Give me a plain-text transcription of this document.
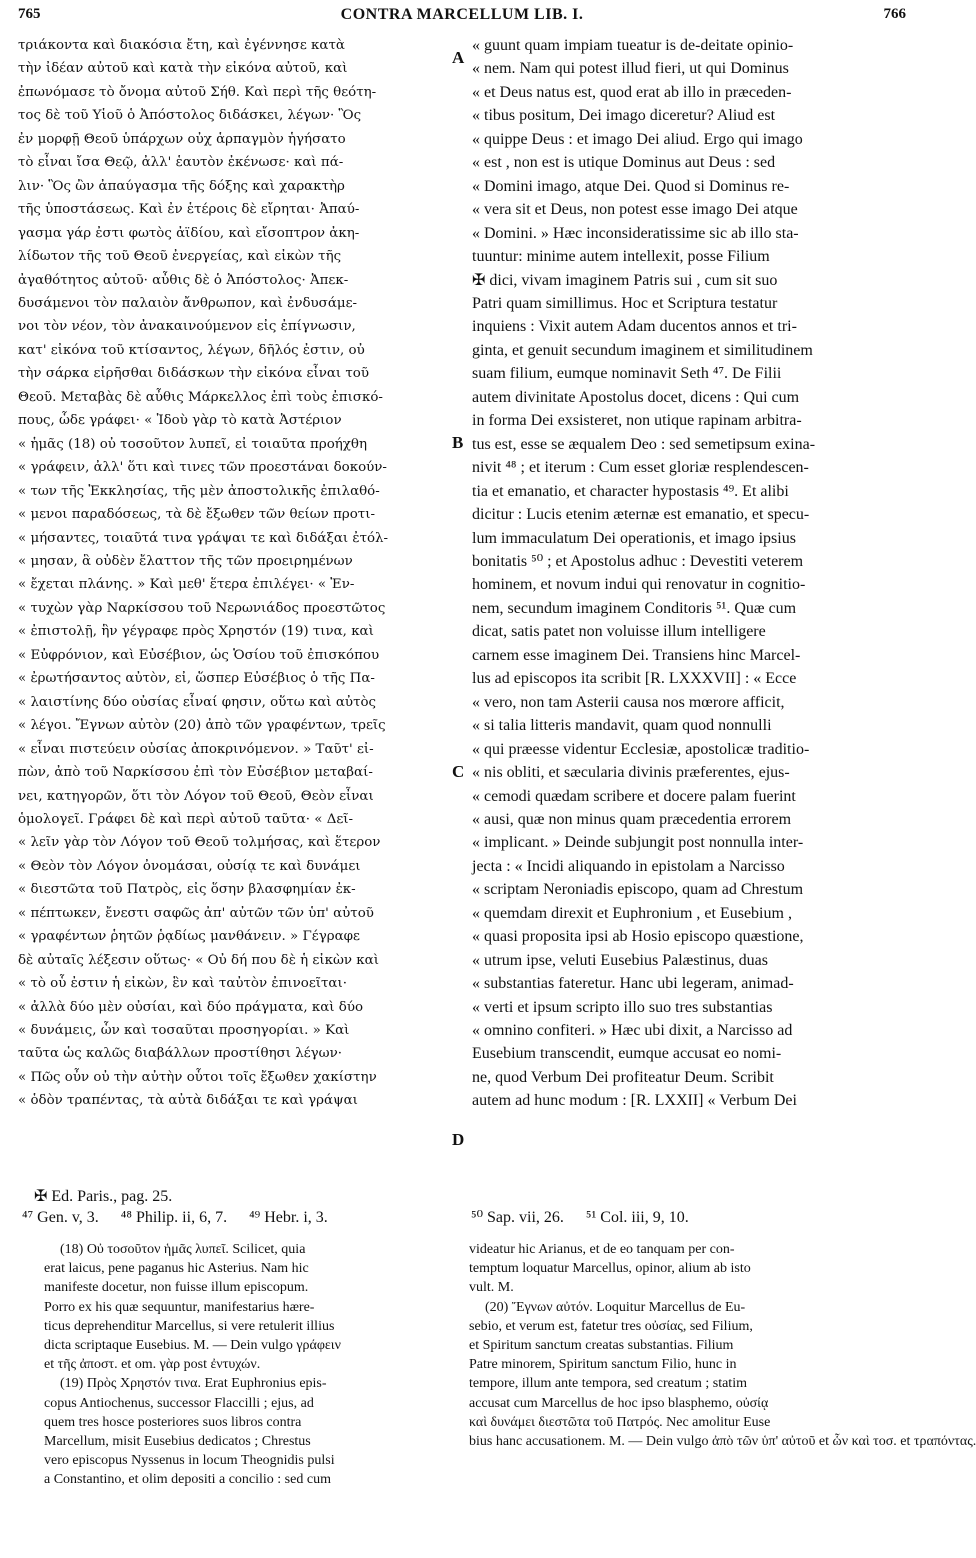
765	CONTRA MARCELLUM LIB. I.	766

τριάκοντα καὶ διακόσια ἔτη, καὶ ἐγέννησε κατὰ

τὴν ἰδέαν αὐτοῦ καὶ κατὰ τὴν εἰκόνα αὐτοῦ, καὶ

ἐπωνόμασε τὸ ὄνομα αὐτοῦ Σήθ. Καὶ περὶ τῆς θεότη-

τος δὲ τοῦ Υἱοῦ ὁ Ἀπόστολος διδάσκει, λέγων· Ὃς

ἐν μορφῇ Θεοῦ ὑπάρχων οὐχ ἁρπαγμὸν ἡγήσατο

τὸ εἶναι ἴσα Θεῷ, ἀλλ' ἑαυτὸν ἐκένωσε· καὶ πά-

λιν· Ὃς ὢν ἀπαύγασμα τῆς δόξης καὶ χαρακτὴρ

τῆς ὑποστάσεως. Καὶ ἐν ἑτέροις δὲ εἴρηται· Ἀπαύ-

γασμα γάρ ἐστι φωτὸς ἀϊδίου, καὶ εἴσοπτρον ἀκη-

λίδωτον τῆς τοῦ Θεοῦ ἐνεργείας, καὶ εἰκὼν τῆς

ἀγαθότητος αὐτοῦ· αὖθις δὲ ὁ Ἀπόστολος· Ἀπεκ-

δυσάμενοι τὸν παλαιὸν ἄνθρωπον, καὶ ἐνδυσάμε-

νοι τὸν νέον, τὸν ἀνακαινούμενον εἰς ἐπίγνωσιν,

κατ' εἰκόνα τοῦ κτίσαντος, λέγων, δῆλός ἐστιν, οὐ

τὴν σάρκα εἰρῆσθαι διδάσκων τὴν εἰκόνα εἶναι τοῦ

Θεοῦ. Μεταβὰς δὲ αὖθις Μάρκελλος ἐπὶ τοὺς ἐπισκό-

πους, ὧδε γράφει· « Ἰδοὺ γὰρ τὸ κατὰ Ἀστέριον

« ἡμᾶς (18) οὐ τοσοῦτον λυπεῖ, εἰ τοιαῦτα προήχθη

« γράφειν, ἀλλ' ὅτι καὶ τινες τῶν προεστάναι δοκούν-

« των τῆς Ἐκκλησίας, τῆς μὲν ἀποστολικῆς ἐπιλαθό-

« μενοι παραδόσεως, τὰ δὲ ἔξωθεν τῶν θείων προτι-

« μήσαντες, τοιαῦτά τινα γράψαι τε καὶ διδάξαι ἐτόλ-

« μησαν, ἃ οὐδὲν ἔλαττον τῆς τῶν προειρημένων

« ἔχεται πλάνης. » Καὶ μεθ' ἕτερα ἐπιλέγει· « Ἐν-

« τυχὼν γὰρ Ναρκίσσου τοῦ Νερωνιάδος προεστῶτος

« ἐπιστολῇ, ἣν γέγραφε πρὸς Χρηστόν (19) τινα, καὶ

« Εὐφρόνιον, καὶ Εὐσέβιον, ὡς Ὁσίου τοῦ ἐπισκόπου

« ἐρωτήσαντος αὐτὸν, εἰ, ὥσπερ Εὐσέβιος ὁ τῆς Πα-

« λαιστίνης δύο οὐσίας εἶναί φησιν, οὕτω καὶ αὐτὸς

« λέγοι. Ἔγνων αὐτὸν (20) ἀπὸ τῶν γραφέντων, τρεῖς

« εἶναι πιστεύειν οὐσίας ἀποκρινόμενον. » Ταῦτ' εἰ-

πὼν, ἀπὸ τοῦ Ναρκίσσου ἐπὶ τὸν Εὐσέβιον μεταβαί-

νει, κατηγορῶν, ὅτι τὸν Λόγον τοῦ Θεοῦ, Θεὸν εἶναι

ὁμολογεῖ. Γράφει δὲ καὶ περὶ αὐτοῦ ταῦτα· « Δεῖ-

« λεῖν γὰρ τὸν Λόγον τοῦ Θεοῦ τολμήσας, καὶ ἕτερον

« Θεὸν τὸν Λόγον ὀνομάσαι, οὐσίᾳ τε καὶ δυνάμει

« διεστῶτα τοῦ Πατρὸς, εἰς ὅσην βλασφημίαν ἐκ-

« πέπτωκεν, ἔνεστι σαφῶς ἀπ' αὐτῶν τῶν ὑπ' αὐτοῦ

« γραφέντων ῥητῶν ῥᾳδίως μανθάνειν. » Γέγραφε

δὲ αὐταῖς λέξεσιν οὕτως· « Οὐ δή που δὲ ἡ εἰκὼν καὶ

« τὸ οὗ ἐστιν ἡ εἰκὼν, ἓν καὶ ταὐτὸν ἐπινοεῖται·

« ἀλλὰ δύο μὲν οὐσίαι, καὶ δύο πράγματα, καὶ δύο

« δυνάμεις, ὧν καὶ τοσαῦται προσηγορίαι. » Καὶ

ταῦτα ὡς καλῶς διαβάλλων προστίθησι λέγων·

« Πῶς οὖν οὐ τὴν αὐτὴν οὗτοι τοῖς ἔξωθεν χακίστην

« ὁδὸν τραπέντας, τὰ αὐτὰ διδάξαι τε καὶ γράψαι

A
B
C
D

« guunt quam impiam tueatur is de-deitate opinio-

« nem. Nam qui potest illud fieri, ut qui Dominus

« et Deus natus est, quod erat ab illo in præceden-

« tibus positum, Dei imago diceretur? Aliud est

« quippe Deus : et imago Dei aliud. Ergo qui imago

« est , non est is utique Dominus aut Deus : sed

« Domini imago, atque Dei. Quod si Dominus re-

« vera sit et Deus, non potest esse imago Dei atque

« Domini. » Hæc inconsideratissime sic ab illo sta-

tuuntur: minime autem intellexit, posse Filium

✠ dici, vivam imaginem Patris sui , cum sit suo

Patri quam simillimus. Hoc et Scriptura testatur

inquiens : Vixit autem Adam ducentos annos et tri-

ginta, et genuit secundum imaginem et similitudinem

suam filium, eumque nominavit Seth ⁴⁷. De Filii

autem divinitate Apostolus docet, dicens : Qui cum

in forma Dei exsisteret, non utique rapinam arbitra-

tus est, esse se æqualem Deo : sed semetipsum exina-

nivit ⁴⁸ ; et iterum : Cum esset gloriæ resplendescen-

tia et emanatio, et character hypostasis ⁴⁹. Et alibi

dicitur : Lucis etenim æternæ est emanatio, et specu-

lum immaculatum Dei operationis, et imago ipsius

bonitatis ⁵⁰ ; et Apostolus adhuc : Devestiti veterem

hominem, et novum indui qui renovatur in cognitio-

nem, secundum imaginem Conditoris ⁵¹. Quæ cum

dicat, satis patet non voluisse illum intelligere

carnem esse imaginem Dei. Transiens hinc Marcel-

lus ad episcopos ita scribit [R. LXXXVII] : « Ecce

« vero, non tam Asterii causa nos mœrore afficit,

« si talia litteris mandavit, quam quod nonnulli

« qui præesse videntur Ecclesiæ, apostolicæ traditio-

« nis obliti, et sæcularia divinis præferentes, ejus-

« cemodi quædam scribere et docere palam fuerint

« ausi, quæ non minus quam præcedentia errorem

« implicant. » Deinde subjungit post nonnulla inter-

jecta : « Incidi aliquando in epistolam a Narcisso

« scriptam Neroniadis episcopo, quam ad Chrestum

« quemdam direxit et Euphronium , et Eusebium ,

« quasi proposita ipsi ab Hosio episcopo quæstione,

« utrum ipse, veluti Eusebius Palæstinus, duas

« substantias fateretur. Hanc ubi legeram, animad-

« verti et ipsum scripto illo suo tres substantias

« omnino confiteri. » Hæc ubi dixit, a Narcisso ad

Eusebium transcendit, eumque accusat eo nomi-

ne, quod Verbum Dei profiteatur Deum. Scribit

autem ad hunc modum : [R. LXXII] « Verbum Dei

✠ Ed. Paris., pag. 25.

⁴⁷ Gen. v, 3. ⁴⁸ Philip. ii, 6, 7. ⁴⁹ Hebr. i, 3.	⁵⁰ Sap. vii, 26. ⁵¹ Col. iii, 9, 10.

(18) Οὐ τοσοῦτον ἡμᾶς λυπεῖ. Scilicet, quia

erat laicus, pene paganus hic Asterius. Nam hic

manifeste docetur, non fuisse illum episcopum.

Porro ex his quæ sequuntur, manifestarius hære-

ticus deprehenditur Marcellus, si vere retulerit illius

dicta scriptaque Eusebius. M. — Dein vulgo γράφειν

et τῆς ἀποστ. et om. γὰρ post ἐντυχών.

(19) Πρὸς Χρηστόν τινα. Erat Euphronius epis-

copus Antiochenus, successor Flaccilli ; ejus, ad

quem tres hosce posteriores suos libros contra

Marcellum, misit Eusebius dedicatos ; Chrestus

vero episcopus Nyssenus in locum Theognidis pulsi

a Constantino, et olim depositi a concilio : sed cum

videatur hic Arianus, et de eo tanquam per con-

temptum loquatur Marcellus, opinor, alium ab isto

vult. M.

(20) Ἔγνων αὐτόν. Loquitur Marcellus de Eu-

sebio, et verum est, fatetur tres οὐσίας, sed Filium,

et Spiritum sanctum creatas substantias. Filium

Patre minorem, Spiritum sanctum Filio, hunc in

tempore, illum ante tempora, sed creatum ; statim

accusat cum Marcellus de hoc ipso blasphemo, οὐσίᾳ

καὶ δυνάμει διεστῶτα τοῦ Πατρός. Nec amolitur Euse

bius hanc accusationem. M. — Dein vulgo ἀπὸ τῶν ὑπ' αὐτοῦ et ὧν καὶ τοσ. et τραπόντας.
